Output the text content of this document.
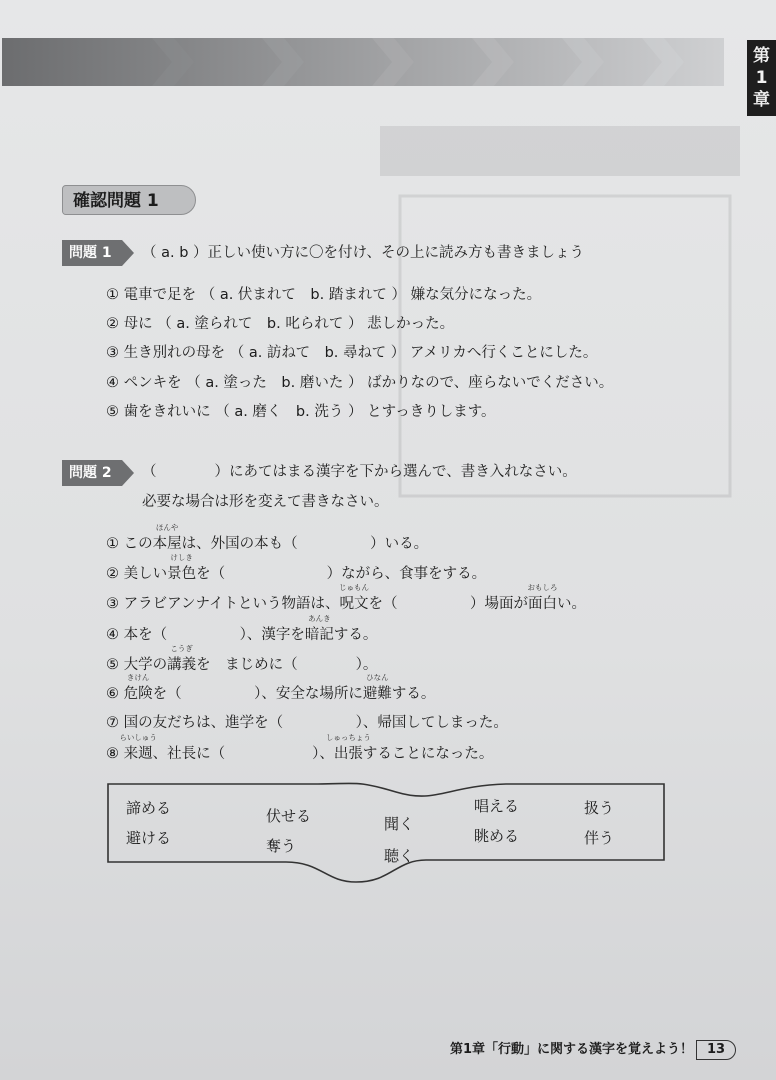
第
1
章
確認問題 1
問題 1 （ a. b ）正しい使い方に〇を付け、その上に読み方も書きましょう
① 電車で足を （ a. 伏まれて　b. 踏まれて ） 嫌な気分になった。
② 母に （ a. 塗られて　b. 叱られて ） 悲しかった。
③ 生き別れの母を （ a. 訪ねて　b. 尋ねて ） アメリカへ行くことにした。
④ ペンキを （ a. 塗った　b. 磨いた ） ばかりなので、座らないでください。
⑤ 歯をきれいに （ a. 磨く　b. 洗う ） とすっきりします。
問題 2 （　　　　）にあてはまる漢字を下から選んで、書き入れなさい。
必要な場合は形を変えて書きなさい。
① この
ほんや
本屋は、外国の本も（　　　　　）いる。
② 美しい
けしき
景色を（　　　　　　　）ながら、食事をする。
③ アラビアンナイトという物語は、
じゅもん
呪文を（　　　　　）場面が
おもしろ
面白い。
④ 本を（　　　　　）、漢字を
あんき
暗記する。
⑤ 大学の
こうぎ
講義を　まじめに（　　　　）。
⑥
きけん
危険を（　　　　　）、安全な場所に
ひなん
避難する。
⑦ 国の友だちは、進学を（　　　　　）、帰国してしまった。
⑧
らいしゅう
来週、社長に（　　　　　　）、
しゅっちょう
出張することになった。
諦める
避ける
伏せる
奪う
聞く
聴く
唱える
眺める
扱う
伴う
第1章「行動」に関する漢字を覚えよう！	13
